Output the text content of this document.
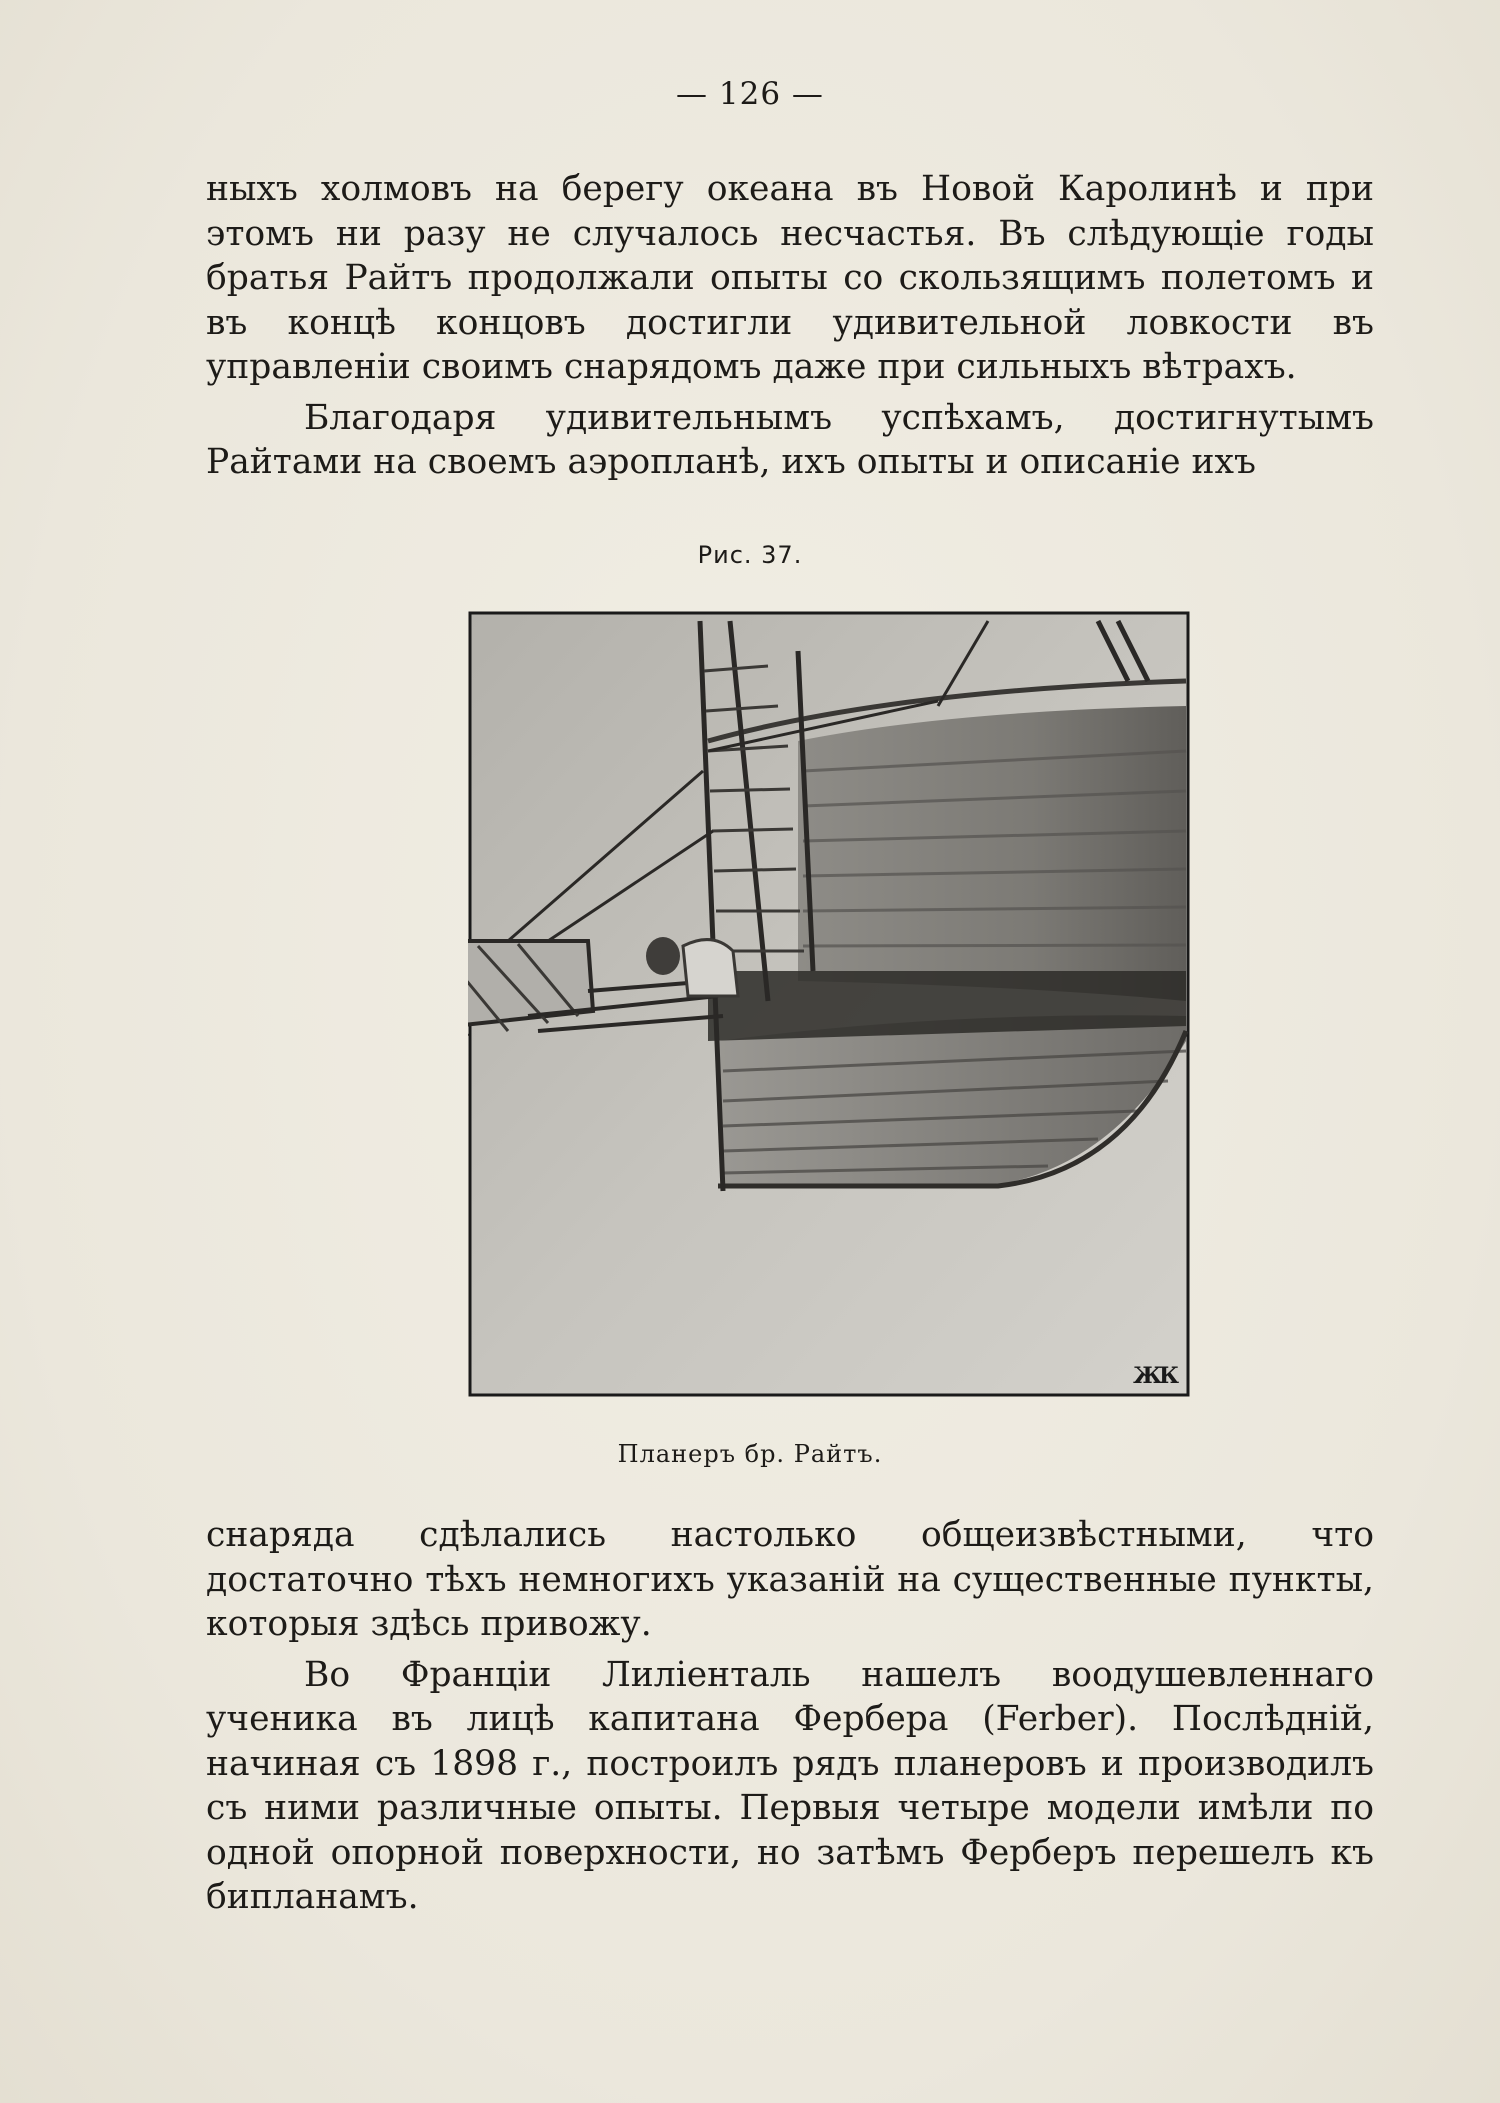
— 126 —

ныхъ холмовъ на берегу океана въ Новой Каролинѣ и при этомъ ни разу не случалось несчастья. Въ слѣдующіе годы братья Райтъ продолжали опыты со скользящимъ полетомъ и въ концѣ концовъ достигли удивительной ловкости въ управленіи своимъ снарядомъ даже при сильныхъ вѣтрахъ.

Благодаря удивительнымъ успѣхамъ, достигнутымъ Райтами на своемъ аэропланѣ, ихъ опыты и описаніе ихъ

Рис. 37.
ЖК
Планеръ бр. Райтъ.

снаряда сдѣлались настолько общеизвѣстными, что достаточно тѣхъ немногихъ указаній на существенные пункты, которыя здѣсь привожу.

Во Франціи Лиліенталь нашелъ воодушевленнаго ученика въ лицѣ капитана Фербера (Ferber). Послѣдній, начиная съ 1898 г., построилъ рядъ планеровъ и производилъ съ ними различные опыты. Первыя четыре модели имѣли по одной опорной поверхности, но затѣмъ Ферберъ перешелъ къ бипланамъ.
